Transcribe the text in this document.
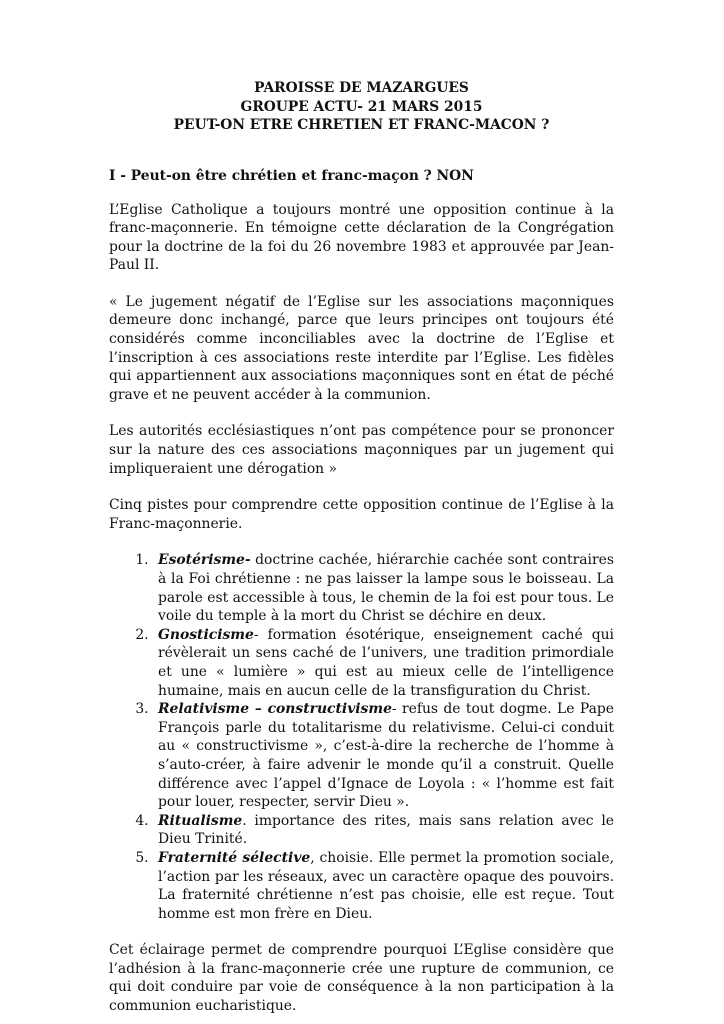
PAROISSE DE MAZARGUES
GROUPE ACTU- 21 MARS 2015
PEUT-ON ETRE CHRETIEN ET FRANC-MACON ?
I - Peut-on être chrétien et franc-maçon ? NON

L’Eglise Catholique a toujours montré une opposition continue à la franc-maçonnerie. En témoigne cette déclaration de la Congrégation pour la doctrine de la foi du 26 novembre 1983 et approuvée par Jean-Paul II.

« Le jugement négatif de l’Eglise sur les associations maçonniques demeure donc inchangé, parce que leurs principes ont toujours été considérés comme inconciliables avec la doctrine de l’Eglise et l’inscription à ces associations reste interdite par l’Eglise. Les fidèles qui appartiennent aux associations maçonniques sont en état de péché grave et ne peuvent accéder à la communion.

Les autorités ecclésiastiques n’ont pas compétence pour se prononcer sur la nature des ces associations maçonniques par un jugement qui impliqueraient une dérogation »

Cinq pistes pour comprendre cette opposition continue de l’Eglise à la Franc-maçonnerie.

1. Esotérisme- doctrine cachée, hiérarchie cachée sont contraires à la Foi chrétienne : ne pas laisser la lampe sous le boisseau. La parole est accessible à tous, le chemin de la foi est pour tous. Le voile du temple à la mort du Christ se déchire en deux.
2. Gnosticisme- formation ésotérique, enseignement caché qui révèlerait un sens caché de l’univers, une tradition primordiale et une « lumière » qui est au mieux celle de l’intelligence humaine, mais en aucun celle de la transfiguration du Christ.
3. Relativisme – constructivisme- refus de tout dogme. Le Pape François parle du totalitarisme du relativisme. Celui-ci conduit au « constructivisme », c’est-à-dire la recherche de l’homme à s’auto-créer, à faire advenir le monde qu’il a construit. Quelle différence avec l’appel d’Ignace de Loyola : « l’homme est fait pour louer, respecter, servir Dieu ».
4. Ritualisme. importance des rites, mais sans relation avec le Dieu Trinité.
5. Fraternité sélective, choisie. Elle permet la promotion sociale, l’action par les réseaux, avec un caractère opaque des pouvoirs. La fraternité chrétienne n’est pas choisie, elle est reçue. Tout homme est mon frère en Dieu.

Cet éclairage permet de comprendre pourquoi L’Eglise considère que l’adhésion à la franc-maçonnerie crée une rupture de communion, ce qui doit conduire par voie de conséquence à la non participation à la communion eucharistique.
